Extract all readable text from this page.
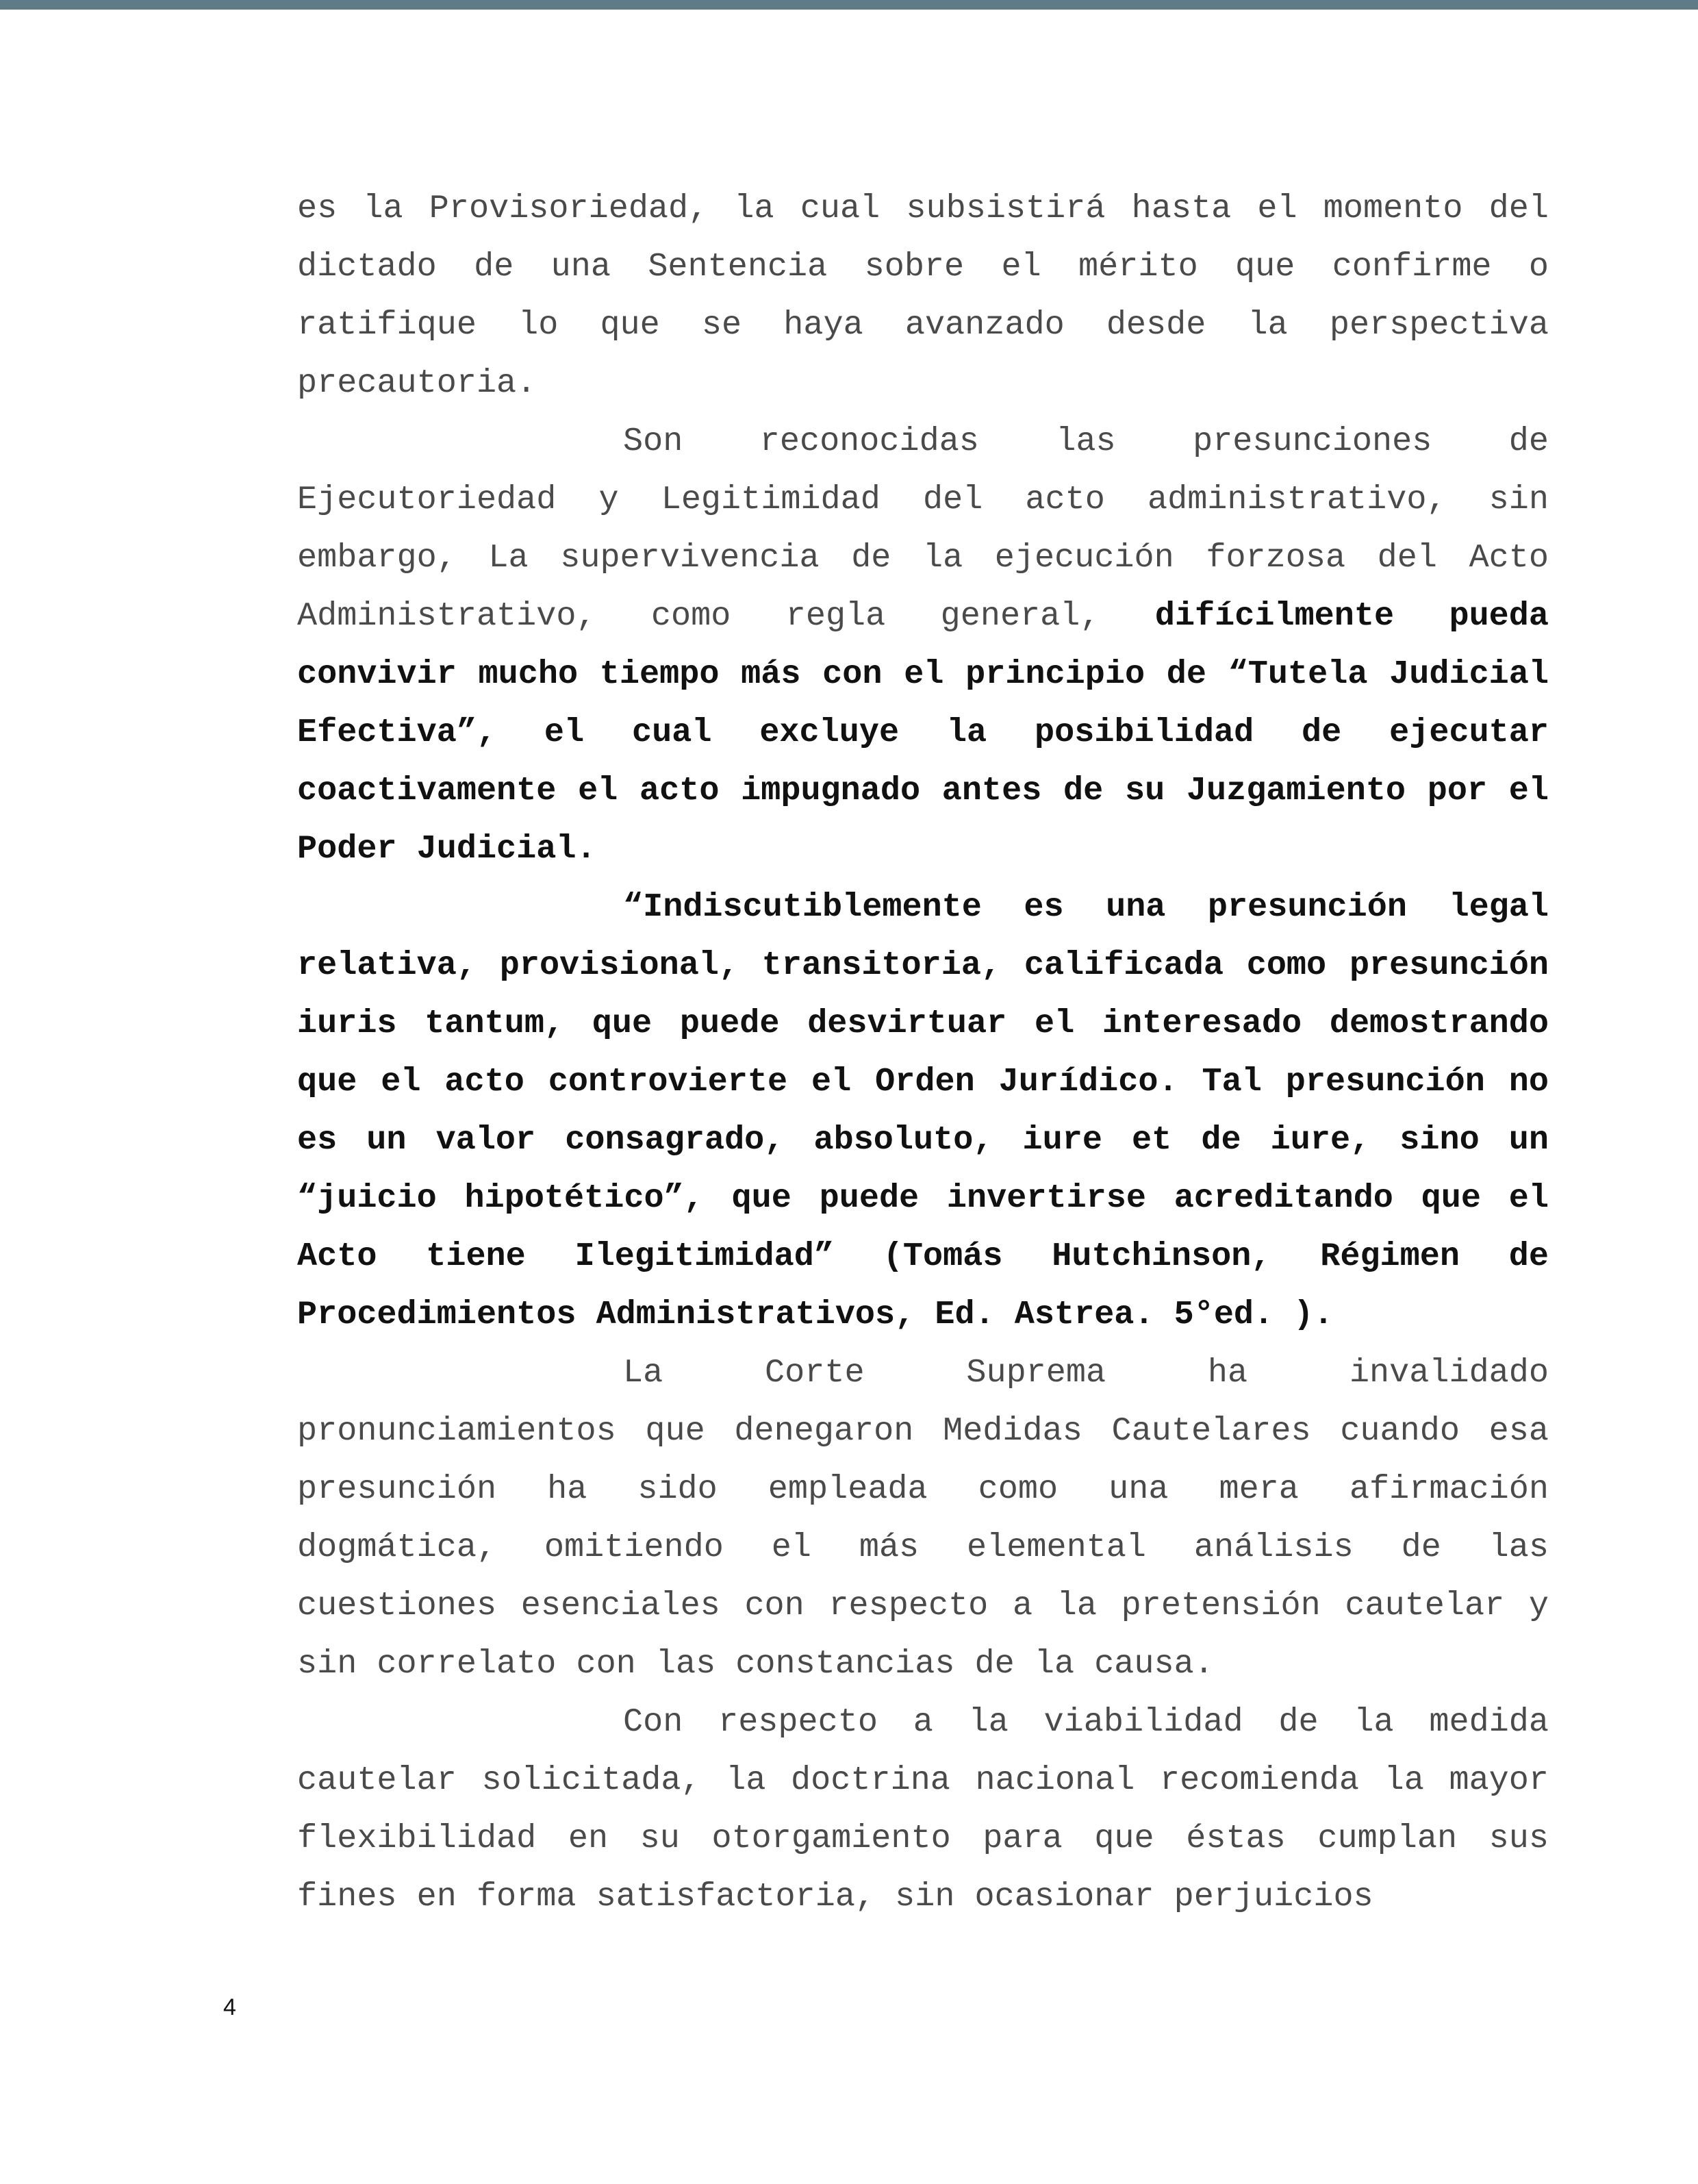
es la Provisoriedad, la cual subsistirá hasta el momento del dictado de una Sentencia sobre el mérito que confirme o ratifique lo que se haya avanzado desde la perspectiva precautoria.

Son reconocidas las presunciones de Ejecutoriedad y Legitimidad del acto administrativo, sin embargo, La supervivencia de la ejecución forzosa del Acto Administrativo, como regla general, difícilmente pueda convivir mucho tiempo más con el principio de “Tutela Judicial Efectiva”, el cual excluye la posibilidad de ejecutar coactivamente el acto impugnado antes de su Juzgamiento por el Poder Judicial.

“Indiscutiblemente es una presunción legal relativa, provisional, transitoria, calificada como presunción iuris tantum, que puede desvirtuar el interesado demostrando que el acto controvierte el Orden Jurídico. Tal presunción no es un valor consagrado, absoluto, iure et de iure, sino un “juicio hipotético”, que puede invertirse acreditando que el Acto tiene Ilegitimidad” (Tomás Hutchinson, Régimen de Procedimientos Administrativos, Ed. Astrea. 5°ed. ).

La Corte Suprema ha invalidado pronunciamientos que denegaron Medidas Cautelares cuando esa presunción ha sido empleada como una mera afirmación dogmática, omitiendo el más elemental análisis de las cuestiones esenciales con respecto a la pretensión cautelar y sin correlato con las constancias de la causa.

Con respecto a la viabilidad de la medida cautelar solicitada, la doctrina nacional recomienda la mayor flexibilidad en su otorgamiento para que éstas cumplan sus fines en forma satisfactoria, sin ocasionar perjuicios

4
